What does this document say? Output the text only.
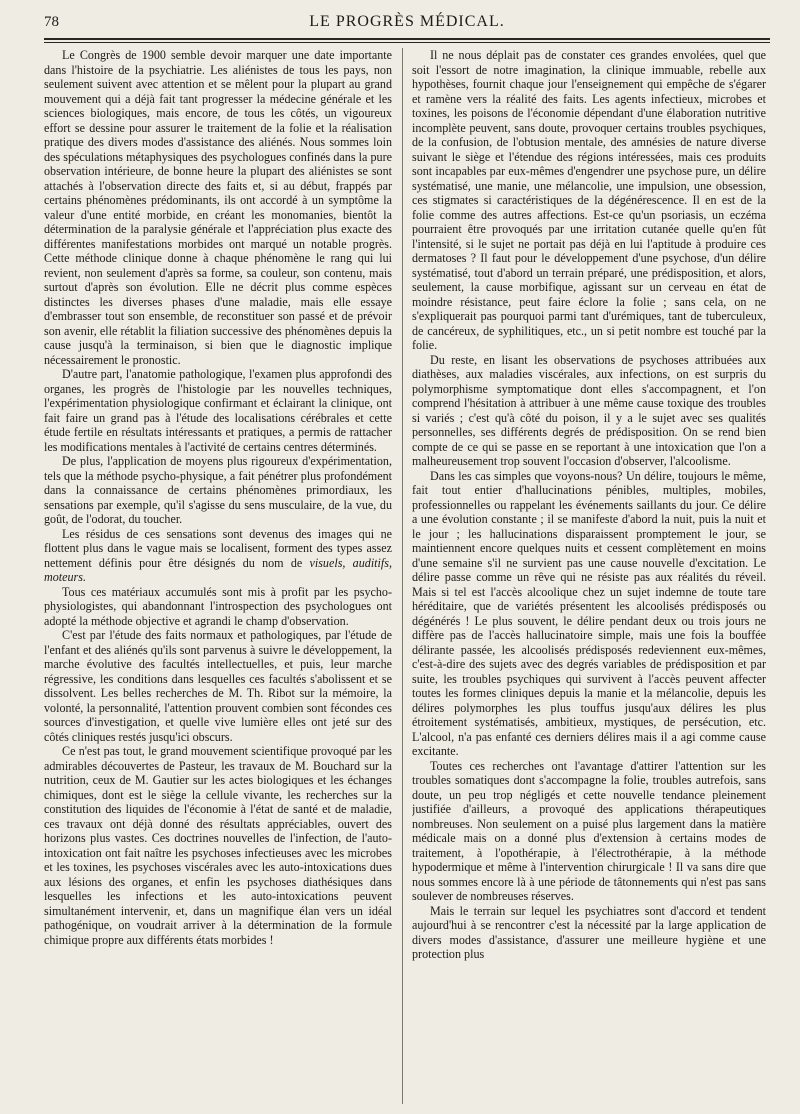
78	LE PROGRÈS MÉDICAL.

Le Congrès de 1900 semble devoir marquer une date importante dans l'histoire de la psychiatrie. Les aliénistes de tous les pays, non seulement suivent avec attention et se mêlent pour la plupart au grand mouvement qui a déjà fait tant progresser la médecine générale et les sciences biologiques, mais encore, de tous les côtés, un vigoureux effort se dessine pour assurer le traitement de la folie et la réalisation pratique des divers modes d'assistance des aliénés. Nous sommes loin des spéculations métaphysiques des psychologues confinés dans la pure observation intérieure, de bonne heure la plupart des aliénistes se sont attachés à l'observation directe des faits et, si au début, frappés par certains phénomènes prédominants, ils ont accordé à un symptôme la valeur d'une entité morbide, en créant les monomanies, bientôt la détermination de la paralysie générale et l'appréciation plus exacte des différentes manifestations morbides ont marqué un notable progrès. Cette méthode clinique donne à chaque phénomène le rang qui lui revient, non seulement d'après sa forme, sa couleur, son contenu, mais surtout d'après son évolution. Elle ne décrit plus comme espèces distinctes les diverses phases d'une maladie, mais elle essaye d'embrasser tout son ensemble, de reconstituer son passé et de prévoir son avenir, elle rétablit la filiation successive des phénomènes depuis la cause jusqu'à la terminaison, si bien que le diagnostic implique nécessairement le pronostic.

D'autre part, l'anatomie pathologique, l'examen plus approfondi des organes, les progrès de l'histologie par les nouvelles techniques, l'expérimentation physiologique confirmant et éclairant la clinique, ont fait faire un grand pas à l'étude des localisations cérébrales et cette étude fertile en résultats intéressants et pratiques, a permis de rattacher les modifications mentales à l'activité de certains centres déterminés.

De plus, l'application de moyens plus rigoureux d'expérimentation, tels que la méthode psycho-physique, a fait pénétrer plus profondément dans la connaissance de certains phénomènes primordiaux, les sensations par exemple, qu'il s'agisse du sens musculaire, de la vue, du goût, de l'odorat, du toucher.

Les résidus de ces sensations sont devenus des images qui ne flottent plus dans le vague mais se localisent, forment des types assez nettement définis pour être désignés du nom de visuels, auditifs, moteurs.

Tous ces matériaux accumulés sont mis à profit par les psycho-physiologistes, qui abandonnant l'introspection des psychologues ont adopté la méthode objective et agrandi le champ d'observation.

C'est par l'étude des faits normaux et pathologiques, par l'étude de l'enfant et des aliénés qu'ils sont parvenus à suivre le développement, la marche évolutive des facultés intellectuelles, et puis, leur marche régressive, les conditions dans lesquelles ces facultés s'abolissent et se dissolvent. Les belles recherches de M. Th. Ribot sur la mémoire, la volonté, la personnalité, l'attention prouvent combien sont fécondes ces sources d'investigation, et quelle vive lumière elles ont jeté sur des côtés cliniques restés jusqu'ici obscurs.

Ce n'est pas tout, le grand mouvement scientifique provoqué par les admirables découvertes de Pasteur, les travaux de M. Bouchard sur la nutrition, ceux de M. Gautier sur les actes biologiques et les échanges chimiques, dont est le siège la cellule vivante, les recherches sur la constitution des liquides de l'économie à l'état de santé et de maladie, ces travaux ont déjà donné des résultats appréciables, ouvert des horizons plus vastes. Ces doctrines nouvelles de l'infection, de l'auto-intoxication ont fait naître les psychoses infectieuses avec les microbes et les toxines, les psychoses viscérales avec les auto-intoxications dues aux lésions des organes, et enfin les psychoses diathésiques dans lesquelles les infections et les auto-intoxications peuvent simultanément intervenir, et, dans un magnifique élan vers un idéal pathogénique, on voudrait arriver à la détermination de la formule chimique propre aux différents états morbides !

Il ne nous déplait pas de constater ces grandes envolées, quel que soit l'essort de notre imagination, la clinique immuable, rebelle aux hypothèses, fournit chaque jour l'enseignement qui empêche de s'égarer et ramène vers la réalité des faits. Les agents infectieux, microbes et toxines, les poisons de l'économie dépendant d'une élaboration nutritive incomplète peuvent, sans doute, provoquer certains troubles psychiques, de la confusion, de l'obtusion mentale, des amnésies de nature diverse suivant le siège et l'étendue des régions intéressées, mais ces produits sont incapables par eux-mêmes d'engendrer une psychose pure, un délire systématisé, une manie, une mélancolie, une impulsion, une obsession, ces stigmates si caractéristiques de la dégénérescence. Il en est de la folie comme des autres affections. Est-ce qu'un psoriasis, un eczéma pourraient être provoqués par une irritation cutanée quelle qu'en fût l'intensité, si le sujet ne portait pas déjà en lui l'aptitude à produire ces dermatoses ? Il faut pour le développement d'une psychose, d'un délire systématisé, tout d'abord un terrain préparé, une prédisposition, et alors, seulement, la cause morbifique, agissant sur un cerveau en état de moindre résistance, peut faire éclore la folie ; sans cela, on ne s'expliquerait pas pourquoi parmi tant d'urémiques, tant de tuberculeux, de cancéreux, de syphilitiques, etc., un si petit nombre est touché par la folie.

Du reste, en lisant les observations de psychoses attribuées aux diathèses, aux maladies viscérales, aux infections, on est surpris du polymorphisme symptomatique dont elles s'accompagnent, et l'on comprend l'hésitation à attribuer à une même cause toxique des troubles si variés ; c'est qu'à côté du poison, il y a le sujet avec ses qualités personnelles, ses différents degrés de prédisposition. On se rend bien compte de ce qui se passe en se reportant à une intoxication que l'on a malheureusement trop souvent l'occasion d'observer, l'alcoolisme.

Dans les cas simples que voyons-nous? Un délire, toujours le même, fait tout entier d'hallucinations pénibles, multiples, mobiles, professionnelles ou rappelant les événements saillants du jour. Ce délire a une évolution constante ; il se manifeste d'abord la nuit, puis la nuit et le jour ; les hallucinations disparaissent promptement le jour, se maintiennent encore quelques nuits et cessent complètement en moins d'une semaine s'il ne survient pas une cause nouvelle d'excitation. Le délire passe comme un rêve qui ne résiste pas aux réalités du réveil. Mais si tel est l'accès alcoolique chez un sujet indemne de toute tare héréditaire, que de variétés présentent les alcoolisés prédisposés ou dégénérés ! Le plus souvent, le délire pendant deux ou trois jours ne diffère pas de l'accès hallucinatoire simple, mais une fois la bouffée délirante passée, les alcoolisés prédisposés redeviennent eux-mêmes, c'est-à-dire des sujets avec des degrés variables de prédisposition et par suite, les troubles psychiques qui survivent à l'accès peuvent affecter toutes les formes cliniques depuis la manie et la mélancolie, depuis les délires polymorphes les plus touffus jusqu'aux délires les plus étroitement systématisés, ambitieux, mystiques, de persécution, etc. L'alcool, n'a pas enfanté ces derniers délires mais il a agi comme cause excitante.

Toutes ces recherches ont l'avantage d'attirer l'attention sur les troubles somatiques dont s'accompagne la folie, troubles autrefois, sans doute, un peu trop négligés et cette nouvelle tendance pleinement justifiée d'ailleurs, a provoqué des applications thérapeutiques nombreuses. Non seulement on a puisé plus largement dans la matière médicale mais on a donné plus d'extension à certains modes de traitement, à l'opothérapie, à l'électrothérapie, à la méthode hypodermique et même à l'intervention chirurgicale ! Il va sans dire que nous sommes encore là à une période de tâtonnements qui n'est pas sans soulever de nombreuses réserves.

Mais le terrain sur lequel les psychiatres sont d'accord et tendent aujourd'hui à se rencontrer c'est la nécessité par la large application de divers modes d'assistance, d'assurer une meilleure hygiène et une protection plus
